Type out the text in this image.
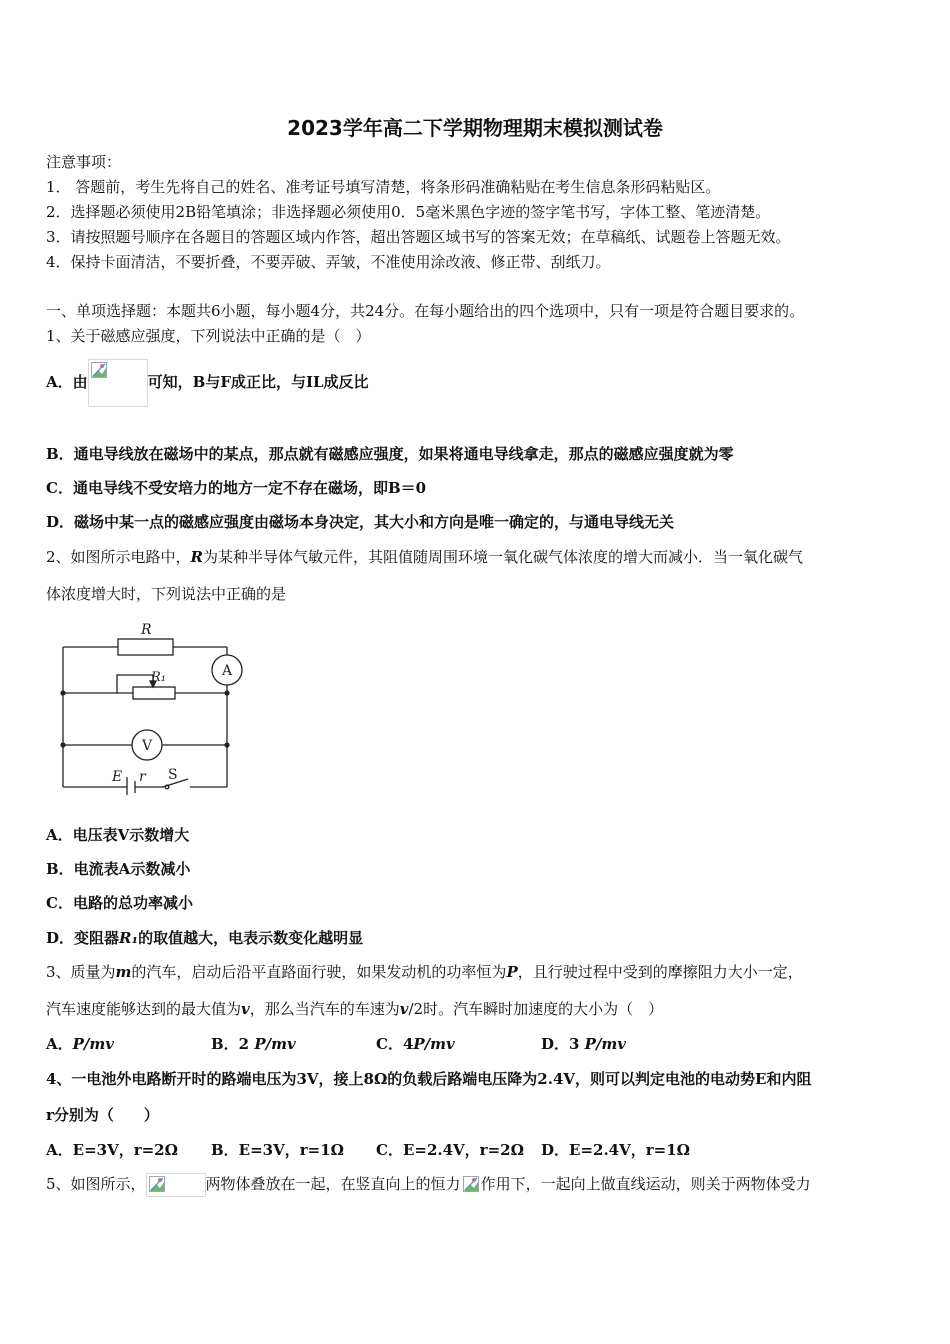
2023学年高二下学期物理期末模拟测试卷
注意事项：
1． 答题前，考生先将自己的姓名、准考证号填写清楚，将条形码准确粘贴在考生信息条形码粘贴区。
2．选择题必须使用2B铅笔填涂；非选择题必须使用0．5毫米黑色字迹的签字笔书写，字体工整、笔迹清楚。
3．请按照题号顺序在各题目的答题区域内作答，超出答题区域书写的答案无效；在草稿纸、试题卷上答题无效。
4．保持卡面清洁，不要折叠，不要弄破、弄皱，不准使用涂改液、修正带、刮纸刀。
一、单项选择题：本题共6小题，每小题4分，共24分。在每小题给出的四个选项中，只有一项是符合题目要求的。
1、关于磁感应强度，下列说法中正确的是（　）
A．由	可知，B与F成正比，与IL成反比
B．通电导线放在磁场中的某点，那点就有磁感应强度，如果将通电导线拿走，那点的磁感应强度就为零
C．通电导线不受安培力的地方一定不存在磁场，即B＝0
D．磁场中某一点的磁感应强度由磁场本身决定，其大小和方向是唯一确定的，与通电导线无关
2、如图所示电路中，R为某种半导体气敏元件，其阻值随周围环境一氧化碳气体浓度的增大而减小．当一氧化碳气
体浓度增大时，下列说法中正确的是
R
R₁	A
V
E r S
A．电压表V示数增大
B．电流表A示数减小
C．电路的总功率减小
D．变阻器R₁的取值越大，电表示数变化越明显
3、质量为m的汽车，启动后沿平直路面行驶，如果发动机的功率恒为P，且行驶过程中受到的摩擦阻力大小一定，
汽车速度能够达到的最大值为v，那么当汽车的车速为v/2时。汽车瞬时加速度的大小为（　）
A．P/mv	B．2 P/mv	C．4P/mv	D．3 P/mv
4、一电池外电路断开时的路端电压为3V，接上8Ω的负载后路端电压降为2.4V，则可以判定电池的电动势E和内阻
r分别为（　　）
A．E=3V，r=2Ω B．E=3V，r=1Ω C．E=2.4V，r=2Ω D．E=2.4V，r=1Ω
5、如图所示，	两物体叠放在一起，在竖直向上的恒力 作用下，一起向上做直线运动，则关于两物体受力
